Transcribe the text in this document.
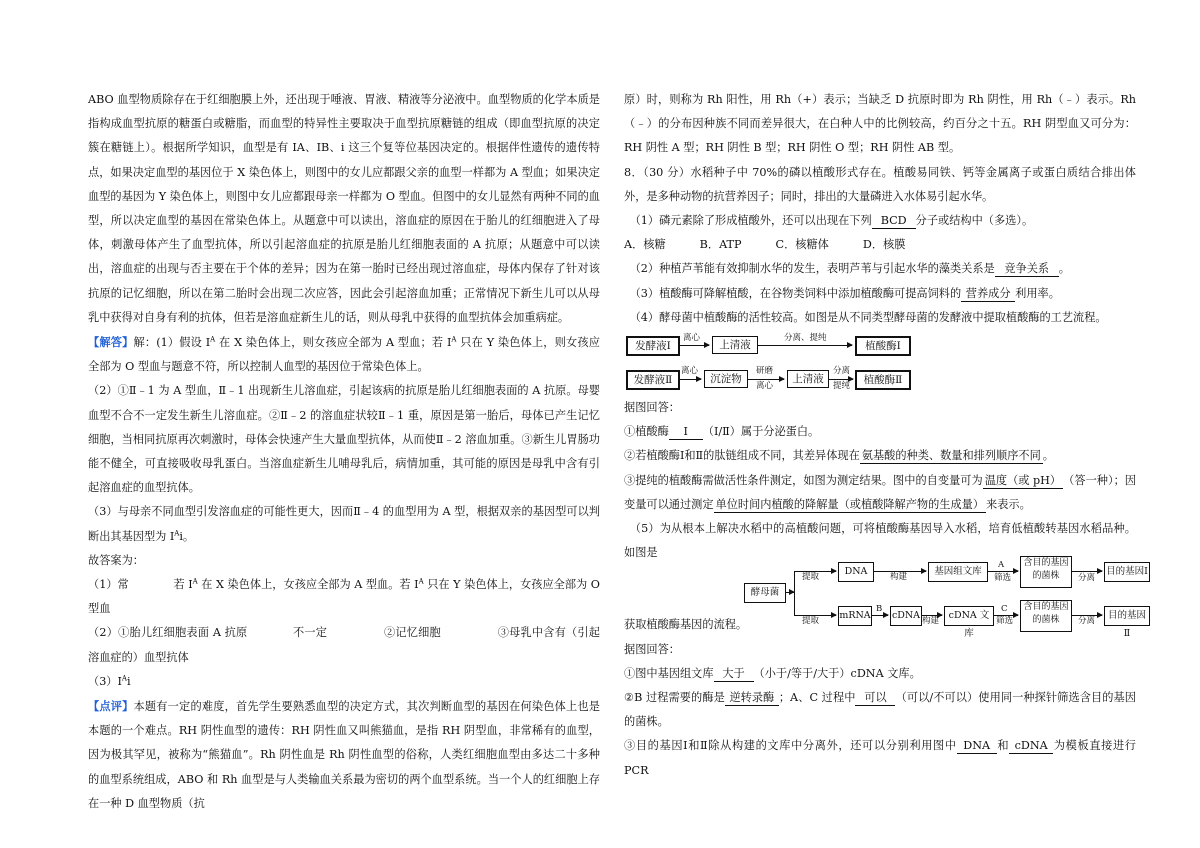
ABO 血型物质除存在于红细胞膜上外，还出现于唾液、胃液、精液等分泌液中。血型物质的化学本质是指构成血型抗原的糖蛋白或糖脂，而血型的特异性主要取决于血型抗原糖链的组成（即血型抗原的决定簇在糖链上）。根据所学知识，血型是有 IA、IB、i 这三个复等位基因决定的。根据伴性遗传的遗传特点，如果决定血型的基因位于 X 染色体上，则图中的女儿应都跟父亲的血型一样都为 A 型血；如果决定血型的基因为 Y 染色体上，则图中女儿应都跟母亲一样都为 O 型血。但图中的女儿显然有两种不同的血型，所以决定血型的基因在常染色体上。从题意中可以读出，溶血症的原因在于胎儿的红细胞进入了母体，刺激母体产生了血型抗体，所以引起溶血症的抗原是胎儿红细胞表面的 A 抗原；从题意中可以读出，溶血症的出现与否主要在于个体的差异；因为在第一胎时已经出现过溶血症，母体内保存了针对该抗原的记忆细胞，所以在第二胎时会出现二次应答，因此会引起溶血加重；正常情况下新生儿可以从母乳中获得对自身有利的抗体，但若是溶血症新生儿的话，则从母乳中获得的血型抗体会加重病症。

【解答】解：(1）假设 $I^A$ 在 X 染色体上，则女孩应全部为 A 型血；若 $I^A$ 只在 Y 染色体上，则女孩应全部为 O 型血与题意不符，所以控制人血型的基因位于常染色体上。

（2）①Ⅱ﹣1 为 A 型血，Ⅱ﹣1 出现新生儿溶血症，引起该病的抗原是胎儿红细胞表面的 A 抗原。母婴血型不合不一定发生新生儿溶血症。②Ⅱ﹣2 的溶血症状较Ⅱ﹣1 重，原因是第一胎后，母体已产生记忆细胞，当相同抗原再次刺激时，母体会快速产生大量血型抗体，从而使Ⅱ﹣2 溶血加重。③新生儿胃肠功能不健全，可直接吸收母乳蛋白。当溶血症新生儿哺母乳后，病情加重，其可能的原因是母乳中含有引起溶血症的血型抗体。

（3）与母亲不同血型引发溶血症的可能性更大，因而Ⅱ﹣4 的血型用为 A 型，根据双亲的基因型可以判断出其基因型为 $I^Ai$。

故答案为：

（1）常　　　　若 $I^A$ 在 X 染色体上，女孩应全部为 A 型血。若 $I^A$ 只在 Y 染色体上，女孩应全部为 O 型血

（2）①胎儿红细胞表面 A 抗原　　　　不一定　　　　　②记忆细胞　　　　　③母乳中含有（引起溶血症的）血型抗体

$(3)I^Ai$

【点评】本题有一定的难度，首先学生要熟悉血型的决定方式，其次判断血型的基因在何染色体上也是本题的一个难点。RH 阴性血型的遗传：RH 阴性血又叫熊猫血，是指 RH 阴型血，非常稀有的血型，因为极其罕见，被称为“熊猫血”。Rh 阴性血是 Rh 阴性血型的俗称，人类红细胞血型由多达二十多种的血型系统组成，ABO 和 Rh 血型是与人类输血关系最为密切的两个血型系统。当一个人的红细胞上存在一种 D 血型物质（抗

原）时，则称为 Rh 阳性，用 Rh（+）表示；当缺乏 D 抗原时即为 Rh 阴性，用 Rh（﹣）表示。Rh（﹣）的分布因种族不同而差异很大，在白种人中的比例较高，约百分之十五。RH 阴型血又可分为：RH 阴性 A 型；RH 阴性 B 型；RH 阴性 O 型；RH 阴性 AB 型。

8．（30 分）水稻种子中 70%的磷以植酸形式存在。植酸易同铁、钙等金属离子或蛋白质结合排出体外，是多种动物的抗营养因子；同时，排出的大量磷进入水体易引起水华。

　（1）磷元素除了形成植酸外，还可以出现在下列 BCD 分子或结构中（多选）。

A．核糖	B．ATP	C．核糖体	D．核膜

　（2）种植芦苇能有效抑制水华的发生，表明芦苇与引起水华的藻类关系是 竞争关系 。

　（3）植酸酶可降解植酸，在谷物类饲料中添加植酸酶可提高饲料的 营养成分 利用率。

　（4）酵母菌中植酸酶的活性较高。如图是从不同类型酵母菌的发酵液中提取植酸酶的工艺流程。

发酵液Ⅰ
离心
上清液
分离、提纯
植酸酶Ⅰ
发酵液Ⅱ
离心
沉淀物
研磨
离心
上清液
分离
提纯	植酸酶Ⅱ

据图回答：

①植酸酶 Ⅰ （Ⅰ/Ⅱ）属于分泌蛋白。

②若植酸酶Ⅰ和Ⅱ的肽链组成不同，其差异体现在 氨基酸的种类、数量和排列顺序不同 。

③提纯的植酸酶需做活性条件测定，如图为测定结果。图中的自变量可为 温度（或 pH） （答一种）；因变量可以通过测定 单位时间内植酸的降解量（或植酸降解产物的生成量） 来表示。

　（5）为从根本上解决水稻中的高植酸问题，可将植酸酶基因导入水稻，培育低植酸转基因水稻品种。如图是

酵母菌
提取	DNA	构建	基因组文库
A
筛选
含目的基因的菌株	分离
目的基因Ⅰ
提取 mRNA
B
cDNA 构建	cDNA 文库
C
筛选
含目的基因的菌株	分离	目的基因Ⅱ

获取植酸酶基因的流程。

据图回答：

①图中基因组文库 大于 （小于/等于/大于）cDNA 文库。

②B 过程需要的酶是 逆转录酶 ；A、C 过程中 可以 （可以/不可以）使用同一种探针筛选含目的基因的菌株。

③目的基因Ⅰ和Ⅱ除从构建的文库中分离外，还可以分别利用图中 DNA 和 cDNA 为模板直接进行 PCR
